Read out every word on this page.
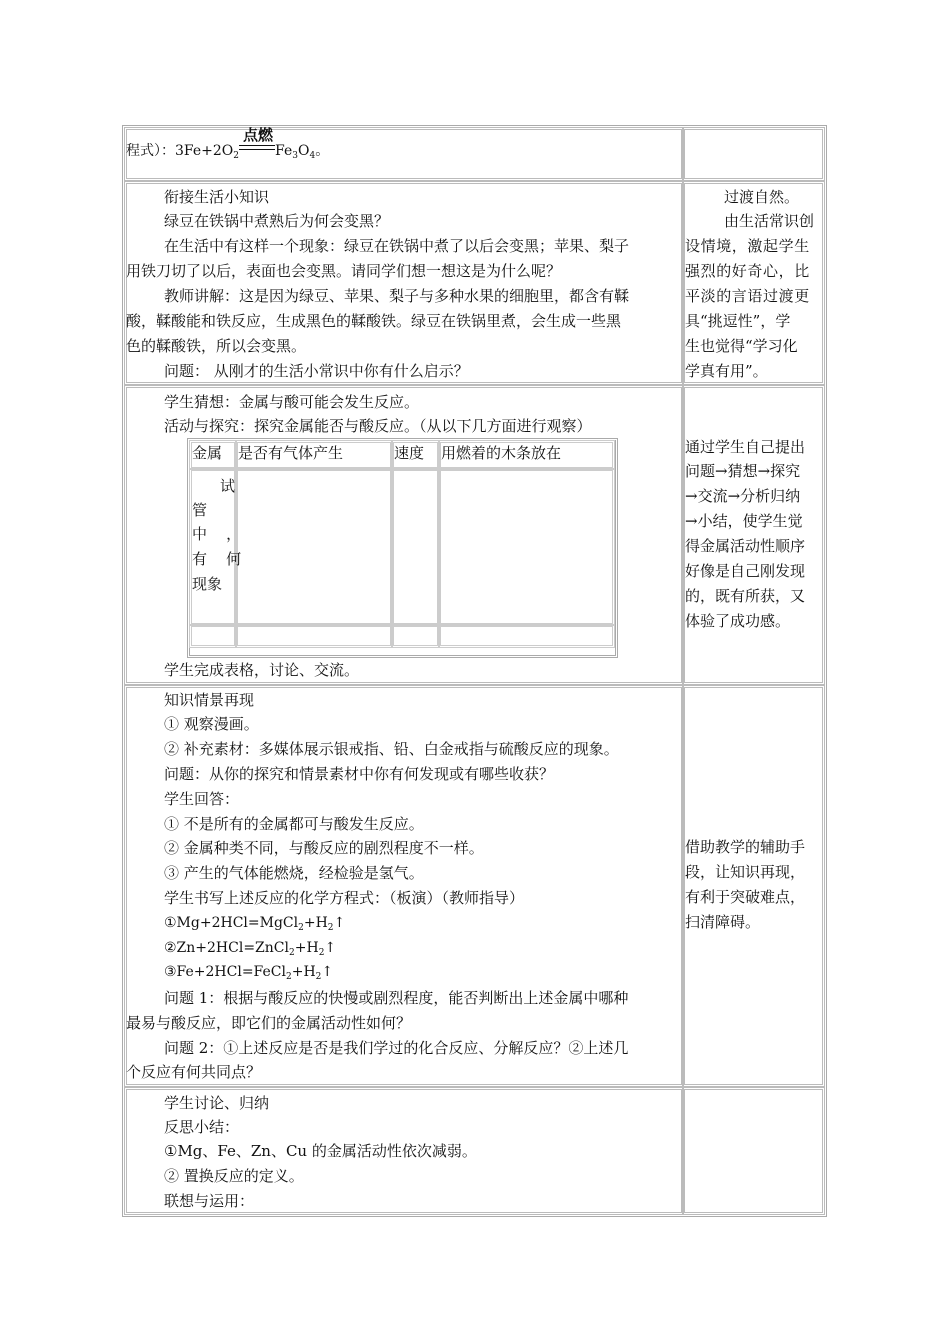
程式）：$3Fe+2O_2$
点燃
$Fe_3O_4$。
衔接生活小知识
绿豆在铁锅中煮熟后为何会变黑？
在生活中有这样一个现象：绿豆在铁锅中煮了以后会变黑；苹果、梨子
用铁刀切了以后，表面也会变黑。请同学们想一想这是为什么呢？
教师讲解：这是因为绿豆、苹果、梨子与多种水果的细胞里，都含有鞣
酸，鞣酸能和铁反应，生成黑色的鞣酸铁。绿豆在铁锅里煮，会生成一些黑
色的鞣酸铁，所以会变黑。
问题： 从刚才的生活小常识中你有什么启示？
过渡自然。
由生活常识创
设情境，激起学生
强烈的好奇心，比
平淡的言语过渡更
具“挑逗性”，学
生也觉得“学习化
学真有用”。
学生猜想：金属与酸可能会发生反应。
活动与探究：探究金属能否与酸反应。（从以下几方面进行观察）
金属 是否有气体产生	速度 用燃着的木条放在
试
管
中    ，
有    何
现象
学生完成表格，讨论、交流。
通过学生自己提出
问题→猜想→探究
→交流→分析归纳
→小结，使学生觉
得金属活动性顺序
好像是自己刚发现
的，既有所获，又
体验了成功感。
知识情景再现
① 观察漫画。
② 补充素材：多媒体展示银戒指、铅、白金戒指与硫酸反应的现象。
问题：从你的探究和情景素材中你有何发现或有哪些收获？
学生回答：
① 不是所有的金属都可与酸发生反应。
② 金属种类不同，与酸反应的剧烈程度不一样。
③ 产生的气体能燃烧，经检验是氢气。
学生书写上述反应的化学方程式：（板演）（教师指导）
$①Mg+2HCl=MgCl_2+H_2↑$
$②Zn+2HCl=ZnCl_2+H_2↑$
$③Fe+2HCl=FeCl_2+H_2↑$
问题 1：根据与酸反应的快慢或剧烈程度，能否判断出上述金属中哪种
最易与酸反应，即它们的金属活动性如何？
问题 2：①上述反应是否是我们学过的化合反应、分解反应？②上述几
个反应有何共同点？
借助教学的辅助手
段，让知识再现，
有利于突破难点，
扫清障碍。
学生讨论、归纳
反思小结：
①Mg、Fe、Zn、Cu 的金属活动性依次减弱。
② 置换反应的定义。
联想与运用：
